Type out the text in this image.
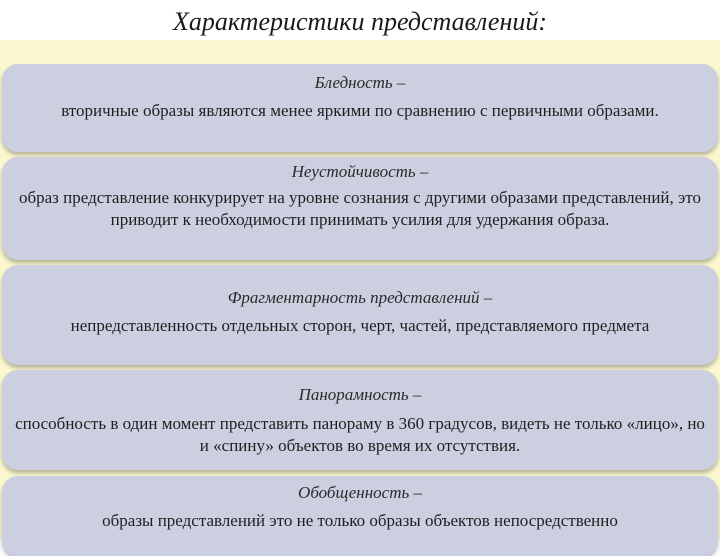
Характеристики представлений:
Бледность –
вторичные образы являются менее яркими по сравнению с первичными образами.
Неустойчивость –
образ представление конкурирует на уровне сознания с другими образами представлений, это приводит к необходимости принимать усилия для удержания образа.
Фрагментарность представлений –
непредставленность отдельных сторон, черт, частей, представляемого предмета
Панорамность –
способность в один момент представить панораму в 360 градусов, видеть не только «лицо», но и «спину» объектов во время их отсутствия.
Обобщенность –
образы представлений это не только образы объектов непосредственно
